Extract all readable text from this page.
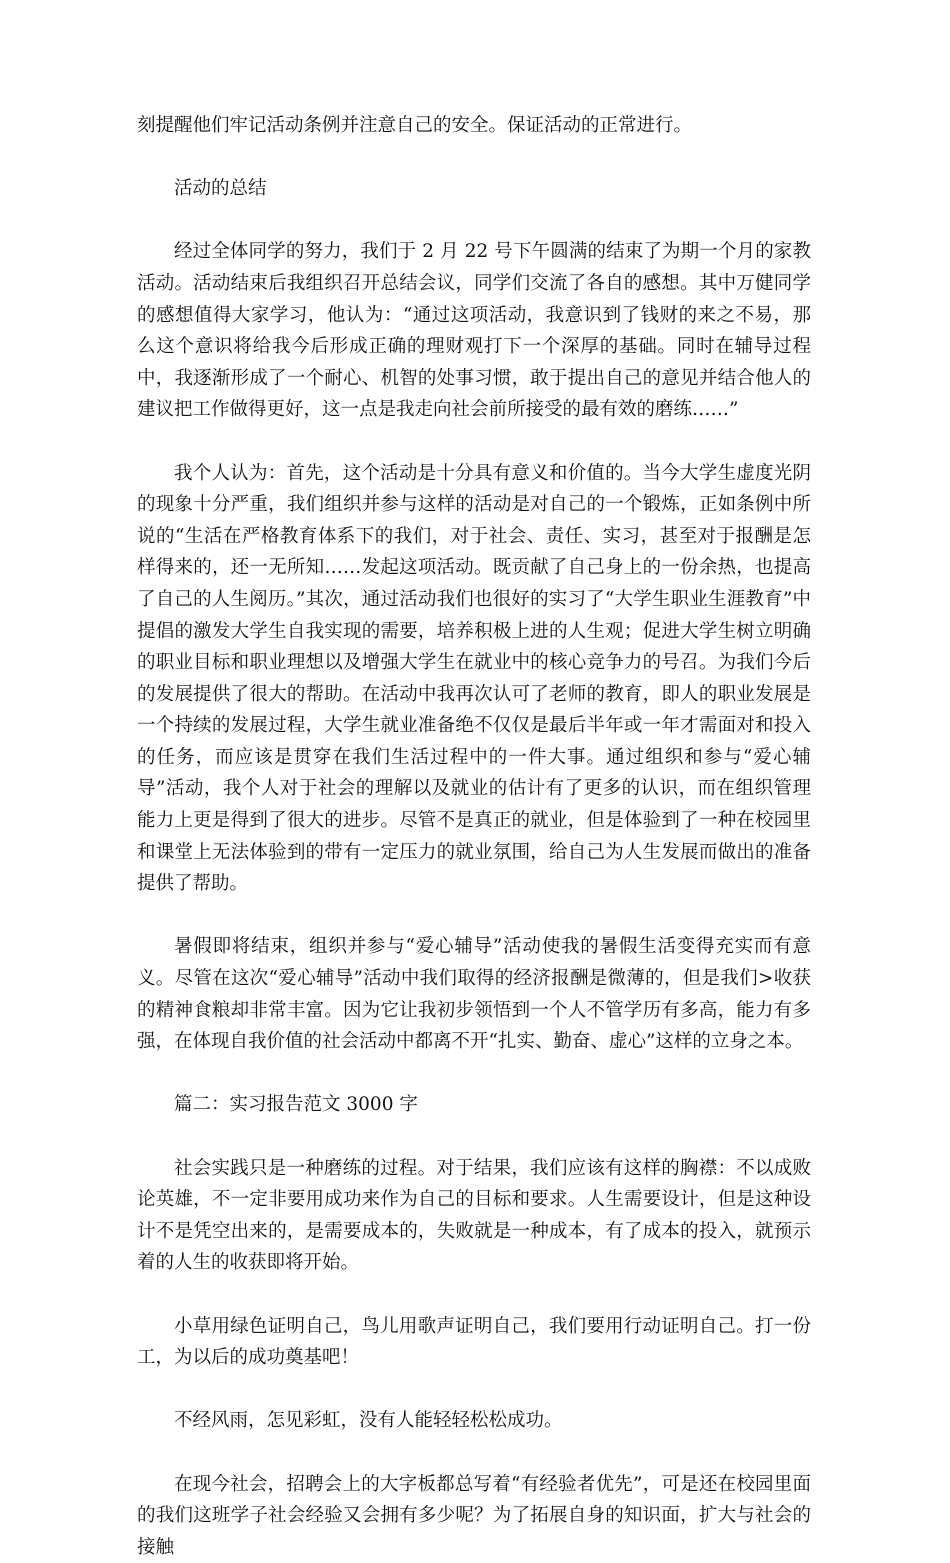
刻提醒他们牢记活动条例并注意自己的安全。保证活动的正常进行。

活动的总结

经过全体同学的努力，我们于 2 月 22 号下午圆满的结束了为期一个月的家教活动。活动结束后我组织召开总结会议，同学们交流了各自的感想。其中万健同学的感想值得大家学习，他认为：“通过这项活动，我意识到了钱财的来之不易，那么这个意识将给我今后形成正确的理财观打下一个深厚的基础。同时在辅导过程中，我逐渐形成了一个耐心、机智的处事习惯，敢于提出自己的意见并结合他人的建议把工作做得更好，这一点是我走向社会前所接受的最有效的磨练……”

我个人认为：首先，这个活动是十分具有意义和价值的。当今大学生虚度光阴的现象十分严重，我们组织并参与这样的活动是对自己的一个锻炼，正如条例中所说的“生活在严格教育体系下的我们，对于社会、责任、实习，甚至对于报酬是怎样得来的，还一无所知……发起这项活动。既贡献了自己身上的一份余热，也提高了自己的人生阅历。”其次，通过活动我们也很好的实习了“大学生职业生涯教育”中提倡的激发大学生自我实现的需要，培养积极上进的人生观；促进大学生树立明确的职业目标和职业理想以及增强大学生在就业中的核心竞争力的号召。为我们今后的发展提供了很大的帮助。在活动中我再次认可了老师的教育，即人的职业发展是一个持续的发展过程，大学生就业准备绝不仅仅是最后半年或一年才需面对和投入的任务，而应该是贯穿在我们生活过程中的一件大事。通过组织和参与“爱心辅导”活动，我个人对于社会的理解以及就业的估计有了更多的认识，而在组织管理能力上更是得到了很大的进步。尽管不是真正的就业，但是体验到了一种在校园里和课堂上无法体验到的带有一定压力的就业氛围，给自己为人生发展而做出的准备提供了帮助。

暑假即将结束，组织并参与“爱心辅导”活动使我的暑假生活变得充实而有意义。尽管在这次“爱心辅导”活动中我们取得的经济报酬是微薄的，但是我们>收获的精神食粮却非常丰富。因为它让我初步领悟到一个人不管学历有多高，能力有多强，在体现自我价值的社会活动中都离不开“扎实、勤奋、虚心”这样的立身之本。

篇二：实习报告范文 3000 字

社会实践只是一种磨练的过程。对于结果，我们应该有这样的胸襟：不以成败论英雄，不一定非要用成功来作为自己的目标和要求。人生需要设计，但是这种设计不是凭空出来的，是需要成本的，失败就是一种成本，有了成本的投入，就预示着的人生的收获即将开始。

小草用绿色证明自己，鸟儿用歌声证明自己，我们要用行动证明自己。打一份工，为以后的成功奠基吧！

不经风雨，怎见彩虹，没有人能轻轻松松成功。

在现今社会，招聘会上的大字板都总写着“有经验者优先”，可是还在校园里面的我们这班学子社会经验又会拥有多少呢？为了拓展自身的知识面，扩大与社会的接触
